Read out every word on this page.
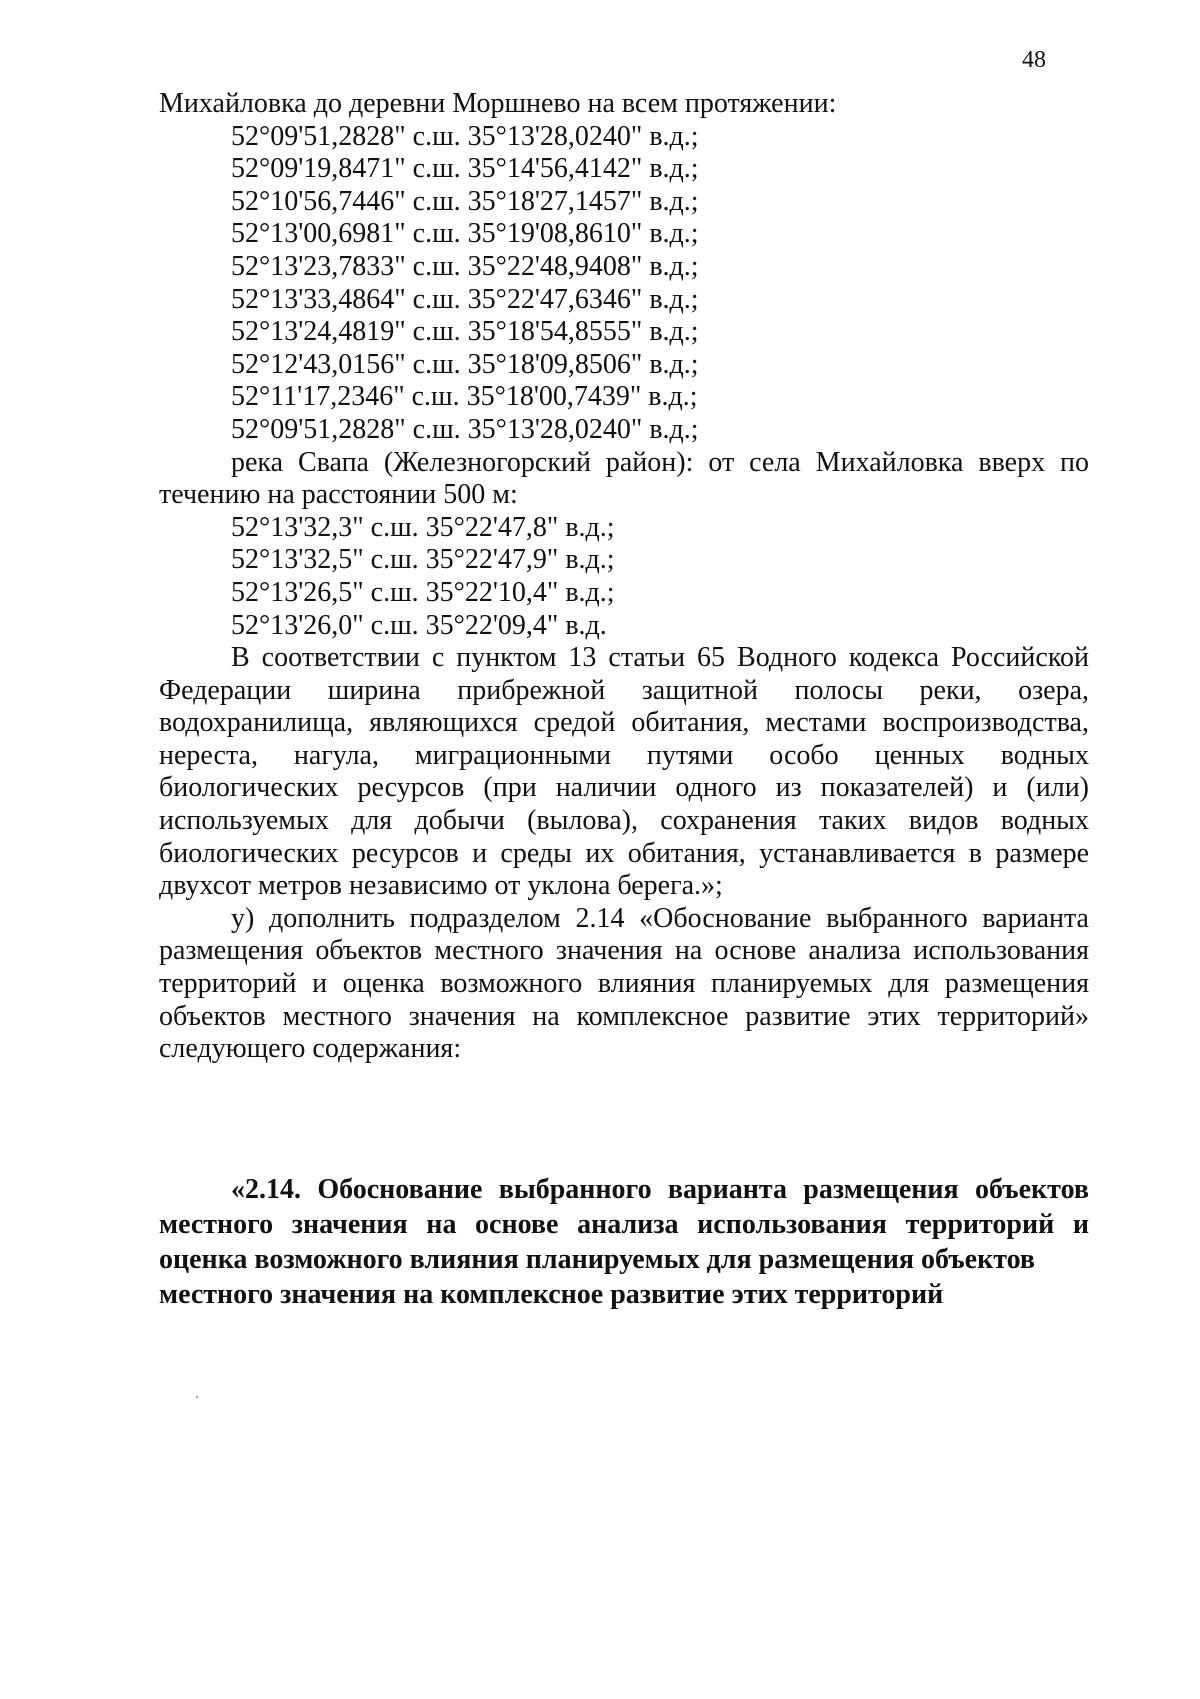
48
Михайловка до деревни Моршнево на всем протяжении:
52°09'51,2828" с.ш. 35°13'28,0240" в.д.;
52°09'19,8471" с.ш. 35°14'56,4142" в.д.;
52°10'56,7446" с.ш. 35°18'27,1457" в.д.;
52°13'00,6981" с.ш. 35°19'08,8610" в.д.;
52°13'23,7833" с.ш. 35°22'48,9408" в.д.;
52°13'33,4864" с.ш. 35°22'47,6346" в.д.;
52°13'24,4819" с.ш. 35°18'54,8555" в.д.;
52°12'43,0156" с.ш. 35°18'09,8506" в.д.;
52°11'17,2346" с.ш. 35°18'00,7439" в.д.;
52°09'51,2828" с.ш. 35°13'28,0240" в.д.;
река Свапа (Железногорский район): от села Михайловка вверх по течению на расстоянии 500 м:
52°13'32,3" с.ш. 35°22'47,8" в.д.;
52°13'32,5" с.ш. 35°22'47,9" в.д.;
52°13'26,5" с.ш. 35°22'10,4" в.д.;
52°13'26,0" с.ш. 35°22'09,4" в.д.
В соответствии с пунктом 13 статьи 65 Водного кодекса Российской Федерации ширина прибрежной защитной полосы реки, озера, водохранилища, являющихся средой обитания, местами воспроизводства, нереста, нагула, миграционными путями особо ценных водных биологических ресурсов (при наличии одного из показателей) и (или) используемых для добычи (вылова), сохранения таких видов водных биологических ресурсов и среды их обитания, устанавливается в размере двухсот метров независимо от уклона берега.»;
у) дополнить подразделом 2.14 «Обоснование выбранного варианта размещения объектов местного значения на основе анализа использования территорий и оценка возможного влияния планируемых для размещения объектов местного значения на комплексное развитие этих территорий» следующего содержания:
«2.14. Обоснование выбранного варианта размещения объектов местного значения на основе анализа использования территорий и оценка возможного влияния планируемых для размещения объектов
местного значения на комплексное развитие этих территорий
